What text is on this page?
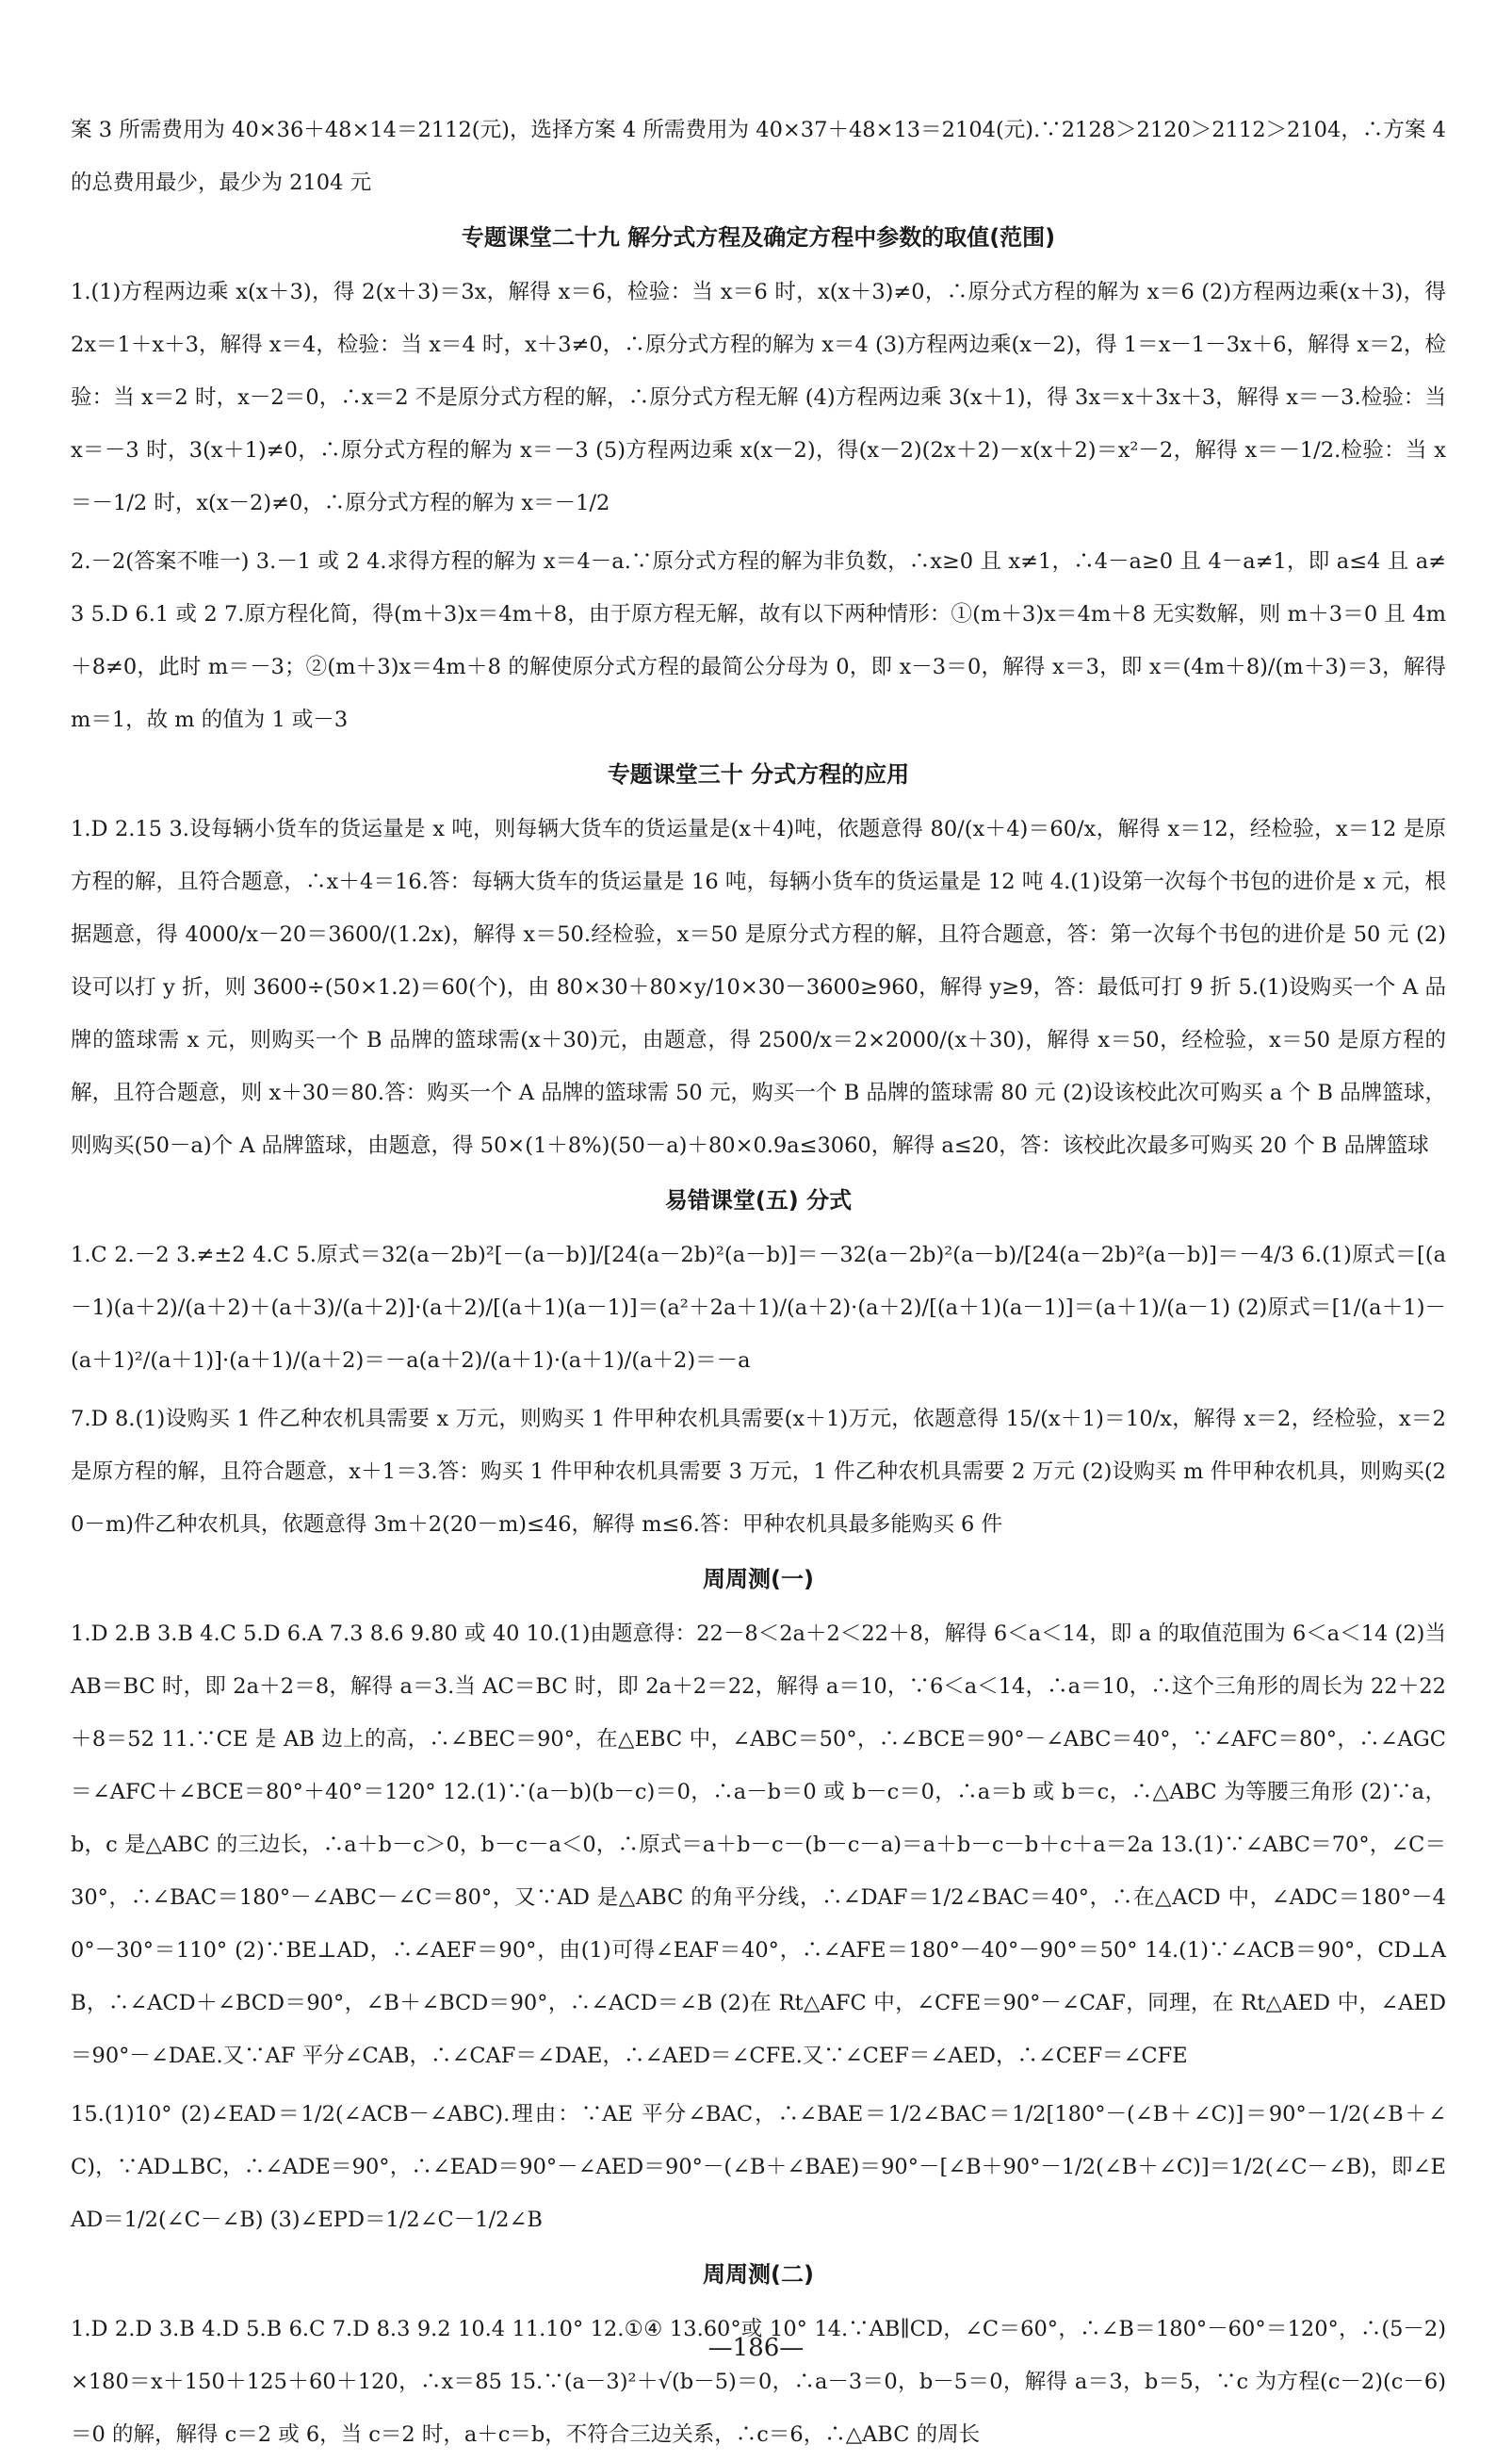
案 3 所需费用为 40×36＋48×14＝2112(元)，选择方案 4 所需费用为 40×37＋48×13＝2104(元).∵2128＞2120＞2112＞2104，∴方案 4 的总费用最少，最少为 2104 元

专题课堂二十九 解分式方程及确定方程中参数的取值(范围)

1.(1)方程两边乘 x(x＋3)，得 2(x＋3)＝3x，解得 x＝6，检验：当 x＝6 时，x(x＋3)≠0，∴原分式方程的解为 x＝6 (2)方程两边乘(x＋3)，得 2x＝1＋x＋3，解得 x＝4，检验：当 x＝4 时，x＋3≠0，∴原分式方程的解为 x＝4 (3)方程两边乘(x－2)，得 1＝x－1－3x＋6，解得 x＝2，检验：当 x＝2 时，x－2＝0，∴x＝2 不是原分式方程的解，∴原分式方程无解 (4)方程两边乘 3(x＋1)，得 3x＝x＋3x＋3，解得 x＝－3.检验：当 x＝－3 时，3(x＋1)≠0，∴原分式方程的解为 x＝－3 (5)方程两边乘 x(x－2)，得(x－2)(2x＋2)－x(x＋2)＝x²－2，解得 x＝－1/2.检验：当 x＝－1/2 时，x(x－2)≠0，∴原分式方程的解为 x＝－1/2

2.－2(答案不唯一) 3.－1 或 2 4.求得方程的解为 x＝4－a.∵原分式方程的解为非负数，∴x≥0 且 x≠1，∴4－a≥0 且 4－a≠1，即 a≤4 且 a≠3 5.D 6.1 或 2 7.原方程化简，得(m＋3)x＝4m＋8，由于原方程无解，故有以下两种情形：①(m＋3)x＝4m＋8 无实数解，则 m＋3＝0 且 4m＋8≠0，此时 m＝－3；②(m＋3)x＝4m＋8 的解使原分式方程的最简公分母为 0，即 x－3＝0，解得 x＝3，即 x＝(4m＋8)/(m＋3)＝3，解得 m＝1，故 m 的值为 1 或－3

专题课堂三十 分式方程的应用

1.D 2.15 3.设每辆小货车的货运量是 x 吨，则每辆大货车的货运量是(x＋4)吨，依题意得 80/(x＋4)＝60/x，解得 x＝12，经检验，x＝12 是原方程的解，且符合题意，∴x＋4＝16.答：每辆大货车的货运量是 16 吨，每辆小货车的货运量是 12 吨 4.(1)设第一次每个书包的进价是 x 元，根据题意，得 4000/x－20＝3600/(1.2x)，解得 x＝50.经检验，x＝50 是原分式方程的解，且符合题意，答：第一次每个书包的进价是 50 元 (2)设可以打 y 折，则 3600÷(50×1.2)＝60(个)，由 80×30＋80×y/10×30－3600≥960，解得 y≥9，答：最低可打 9 折 5.(1)设购买一个 A 品牌的篮球需 x 元，则购买一个 B 品牌的篮球需(x＋30)元，由题意，得 2500/x＝2×2000/(x＋30)，解得 x＝50，经检验，x＝50 是原方程的解，且符合题意，则 x＋30＝80.答：购买一个 A 品牌的篮球需 50 元，购买一个 B 品牌的篮球需 80 元 (2)设该校此次可购买 a 个 B 品牌篮球，则购买(50－a)个 A 品牌篮球，由题意，得 50×(1＋8%)(50－a)＋80×0.9a≤3060，解得 a≤20，答：该校此次最多可购买 20 个 B 品牌篮球

易错课堂(五) 分式

1.C 2.－2 3.≠±2 4.C 5.原式＝32(a－2b)²[－(a－b)]/[24(a－2b)²(a－b)]＝－32(a－2b)²(a－b)/[24(a－2b)²(a－b)]＝－4/3 6.(1)原式＝[(a－1)(a＋2)/(a＋2)＋(a＋3)/(a＋2)]·(a＋2)/[(a＋1)(a－1)]＝(a²＋2a＋1)/(a＋2)·(a＋2)/[(a＋1)(a－1)]＝(a＋1)/(a－1) (2)原式＝[1/(a＋1)－(a＋1)²/(a＋1)]·(a＋1)/(a＋2)＝－a(a＋2)/(a＋1)·(a＋1)/(a＋2)＝－a

7.D 8.(1)设购买 1 件乙种农机具需要 x 万元，则购买 1 件甲种农机具需要(x＋1)万元，依题意得 15/(x＋1)＝10/x，解得 x＝2，经检验，x＝2 是原方程的解，且符合题意，x＋1＝3.答：购买 1 件甲种农机具需要 3 万元，1 件乙种农机具需要 2 万元 (2)设购买 m 件甲种农机具，则购买(20－m)件乙种农机具，依题意得 3m＋2(20－m)≤46，解得 m≤6.答：甲种农机具最多能购买 6 件

周周测(一)

1.D 2.B 3.B 4.C 5.D 6.A 7.3 8.6 9.80 或 40 10.(1)由题意得：22－8＜2a＋2＜22＋8，解得 6＜a＜14，即 a 的取值范围为 6＜a＜14 (2)当 AB＝BC 时，即 2a＋2＝8，解得 a＝3.当 AC＝BC 时，即 2a＋2＝22，解得 a＝10，∵6＜a＜14，∴a＝10，∴这个三角形的周长为 22＋22＋8＝52 11.∵CE 是 AB 边上的高，∴∠BEC＝90°，在△EBC 中，∠ABC＝50°，∴∠BCE＝90°－∠ABC＝40°，∵∠AFC＝80°，∴∠AGC＝∠AFC＋∠BCE＝80°＋40°＝120° 12.(1)∵(a－b)(b－c)＝0，∴a－b＝0 或 b－c＝0，∴a＝b 或 b＝c，∴△ABC 为等腰三角形 (2)∵a，b，c 是△ABC 的三边长，∴a＋b－c＞0，b－c－a＜0，∴原式＝a＋b－c－(b－c－a)＝a＋b－c－b＋c＋a＝2a 13.(1)∵∠ABC＝70°，∠C＝30°，∴∠BAC＝180°－∠ABC－∠C＝80°，又∵AD 是△ABC 的角平分线，∴∠DAF＝1/2∠BAC＝40°，∴在△ACD 中，∠ADC＝180°－40°－30°＝110° (2)∵BE⊥AD，∴∠AEF＝90°，由(1)可得∠EAF＝40°，∴∠AFE＝180°－40°－90°＝50° 14.(1)∵∠ACB＝90°，CD⊥AB，∴∠ACD＋∠BCD＝90°，∠B＋∠BCD＝90°，∴∠ACD＝∠B (2)在 Rt△AFC 中，∠CFE＝90°－∠CAF，同理，在 Rt△AED 中，∠AED＝90°－∠DAE.又∵AF 平分∠CAB，∴∠CAF＝∠DAE，∴∠AED＝∠CFE.又∵∠CEF＝∠AED，∴∠CEF＝∠CFE

15.(1)10° (2)∠EAD＝1/2(∠ACB－∠ABC).理由：∵AE 平分∠BAC，∴∠BAE＝1/2∠BAC＝1/2[180°－(∠B＋∠C)]＝90°－1/2(∠B＋∠C)，∵AD⊥BC，∴∠ADE＝90°，∴∠EAD＝90°－∠AED＝90°－(∠B＋∠BAE)＝90°－[∠B＋90°－1/2(∠B＋∠C)]＝1/2(∠C－∠B)，即∠EAD＝1/2(∠C－∠B) (3)∠EPD＝1/2∠C－1/2∠B

周周测(二)

1.D 2.D 3.B 4.D 5.B 6.C 7.D 8.3 9.2 10.4 11.10° 12.①④ 13.60°或 10° 14.∵AB∥CD，∠C＝60°，∴∠B＝180°－60°＝120°，∴(5－2)×180＝x＋150＋125＋60＋120，∴x＝85 15.∵(a－3)²＋√(b－5)＝0，∴a－3＝0，b－5＝0，解得 a＝3，b＝5，∵c 为方程(c－2)(c－6)＝0 的解，解得 c＝2 或 6，当 c＝2 时，a＋c＝b，不符合三边关系，∴c＝6，∴△ABC 的周长

—186—
